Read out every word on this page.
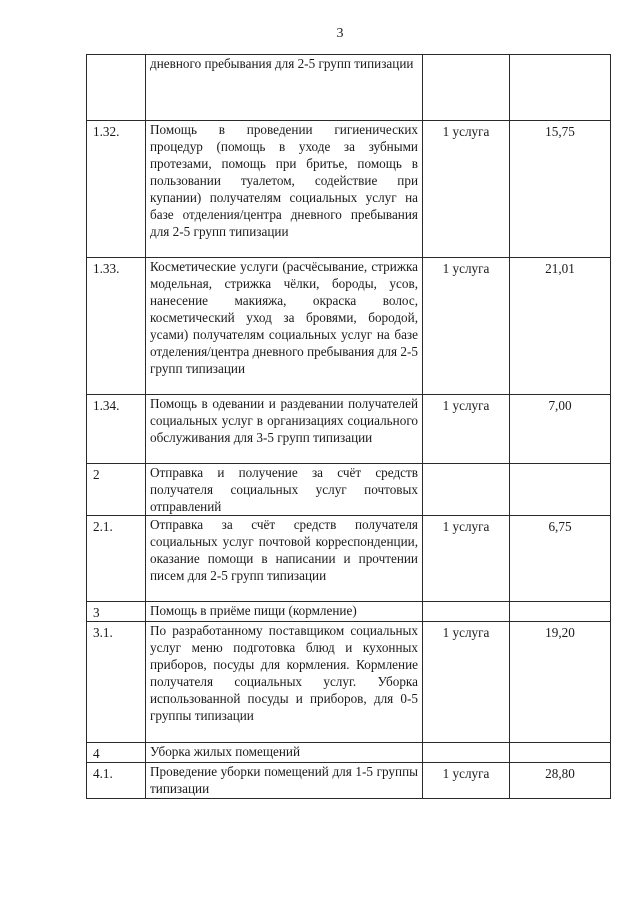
3
	дневного пребывания для 2-5 групп типизации		
1.32.	Помощь в проведении гигиенических процедур (помощь в уходе за зубными протезами, помощь при бритье, помощь в пользовании туалетом, содействие при купании) получателям социальных услуг на базе отделения/центра дневного пребывания для 2-5 групп типизации	1 услуга	15,75
1.33.	Косметические услуги (расчёсывание, стрижка модельная, стрижка чёлки, бороды, усов, нанесение макияжа, окраска волос, косметический уход за бровями, бородой, усами) получателям социальных услуг на базе отделения/центра дневного пребывания для 2-5 групп типизации	1 услуга	21,01
1.34.	Помощь в одевании и раздевании получателей социальных услуг в организациях социального обслуживания для 3-5 групп типизации	1 услуга	7,00
2	Отправка и получение за счёт средств получателя социальных услуг почтовых отправлений		
2.1.	Отправка за счёт средств получателя социальных услуг почтовой корреспонденции, оказание помощи в написании и прочтении писем для 2-5 групп типизации	1 услуга	6,75
3	Помощь в приёме пищи (кормление)		
3.1.	По разработанному поставщиком социальных услуг меню подготовка блюд и кухонных приборов, посуды для кормления. Кормление получателя социальных услуг. Уборка использованной посуды и приборов, для 0-5 группы типизации	1 услуга	19,20
4	Уборка жилых помещений		
4.1.	Проведение уборки помещений для 1-5 группы типизации	1 услуга	28,80
